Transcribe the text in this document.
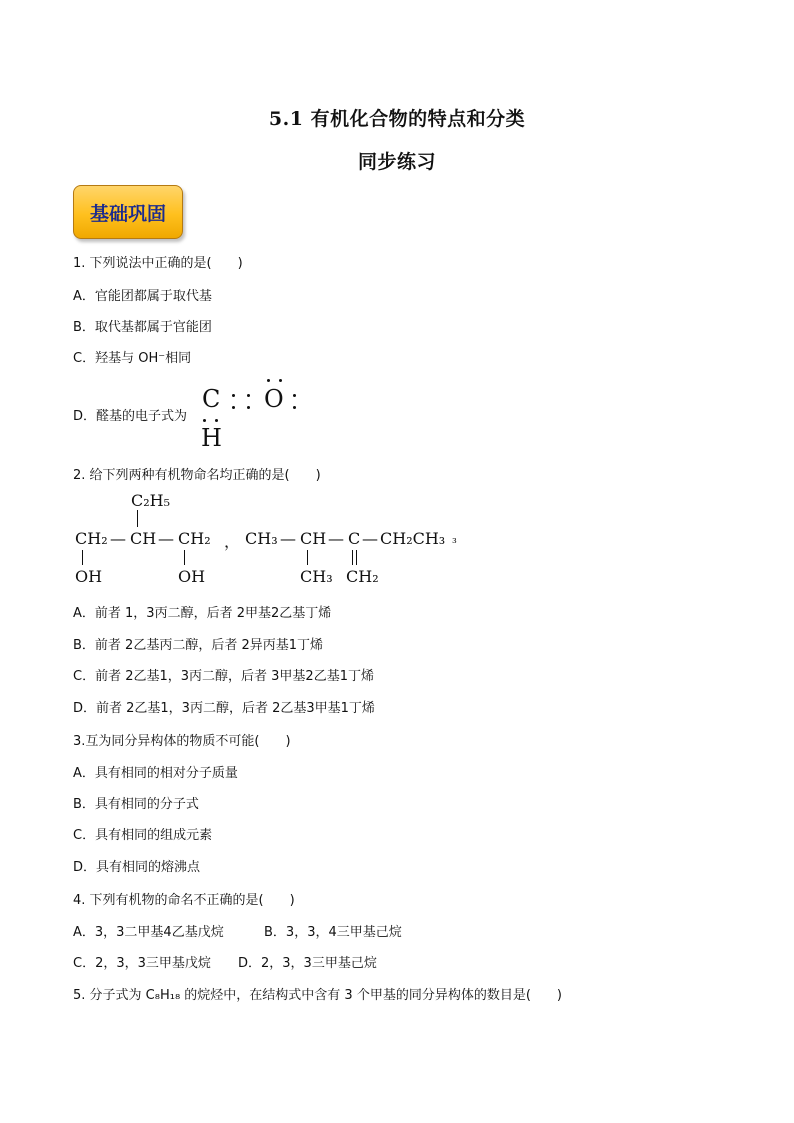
5.1 有机化合物的特点和分类
同步练习
基础巩固
1. 下列说法中正确的是(　　)
A．官能团都属于取代基
B．取代基都属于官能团
C．羟基与 OH⁻相同
D．醛基的电子式为
C O
H
2. 给下列两种有机物命名均正确的是(　　)
C₂H₅
CH₂ — CH — CH₂ ，
OH	OH
CH₃ — CH — C — CH₂CH₃ ₃
CH₃ CH₂
A．前者 1，3丙二醇，后者 2甲基2乙基丁烯
B．前者 2乙基丙二醇，后者 2异丙基1丁烯
C．前者 2乙基1，3丙二醇，后者 3甲基2乙基1丁烯
D．前者 2乙基1，3丙二醇，后者 2乙基3甲基1丁烯
3.互为同分异构体的物质不可能(　　)
A．具有相同的相对分子质量
B．具有相同的分子式
C．具有相同的组成元素
D．具有相同的熔沸点
4. 下列有机物的命名不正确的是(　　)
A．3，3二甲基4乙基戊烷	B．3，3，4三甲基己烷
C．2，3，3三甲基戊烷 D．2，3，3三甲基己烷
5. 分子式为 C₈H₁₈ 的烷烃中，在结构式中含有 3 个甲基的同分异构体的数目是(　　)
